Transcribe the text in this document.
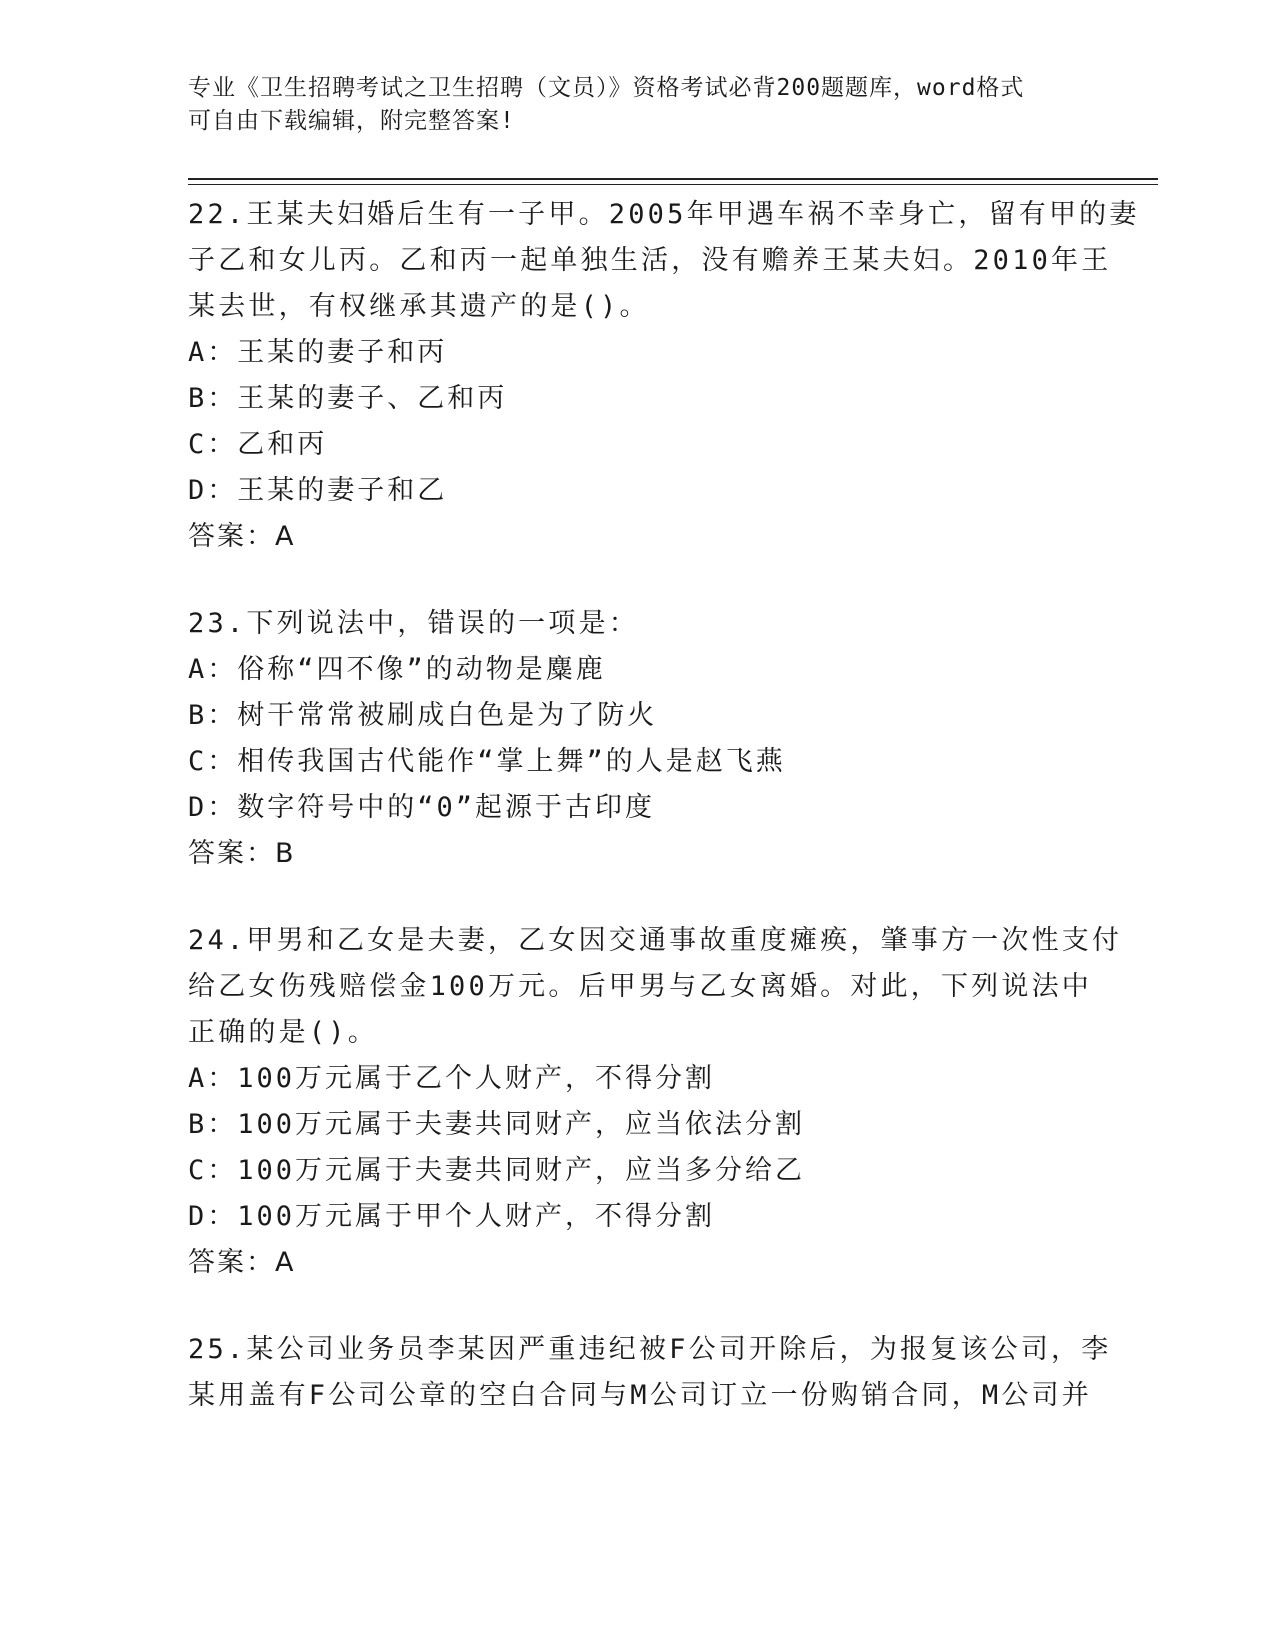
专业《卫生招聘考试之卫生招聘（文员）》资格考试必背200题题库，word格式
可自由下载编辑，附完整答案!
22.王某夫妇婚后生有一子甲。2005年甲遇车祸不幸身亡，留有甲的妻
子乙和女儿丙。乙和丙一起单独生活，没有赡养王某夫妇。2010年王
某去世，有权继承其遗产的是()。
A：王某的妻子和丙
B：王某的妻子、乙和丙
C：乙和丙
D：王某的妻子和乙
答案：A
23.下列说法中，错误的一项是：
A：俗称“四不像”的动物是麋鹿
B：树干常常被刷成白色是为了防火
C：相传我国古代能作“掌上舞”的人是赵飞燕
D：数字符号中的“0”起源于古印度
答案：B
24.甲男和乙女是夫妻，乙女因交通事故重度瘫痪，肇事方一次性支付
给乙女伤残赔偿金100万元。后甲男与乙女离婚。对此，下列说法中
正确的是()。
A：100万元属于乙个人财产，不得分割
B：100万元属于夫妻共同财产，应当依法分割
C：100万元属于夫妻共同财产，应当多分给乙
D：100万元属于甲个人财产，不得分割
答案：A
25.某公司业务员李某因严重违纪被F公司开除后，为报复该公司，李
某用盖有F公司公章的空白合同与M公司订立一份购销合同，M公司并
